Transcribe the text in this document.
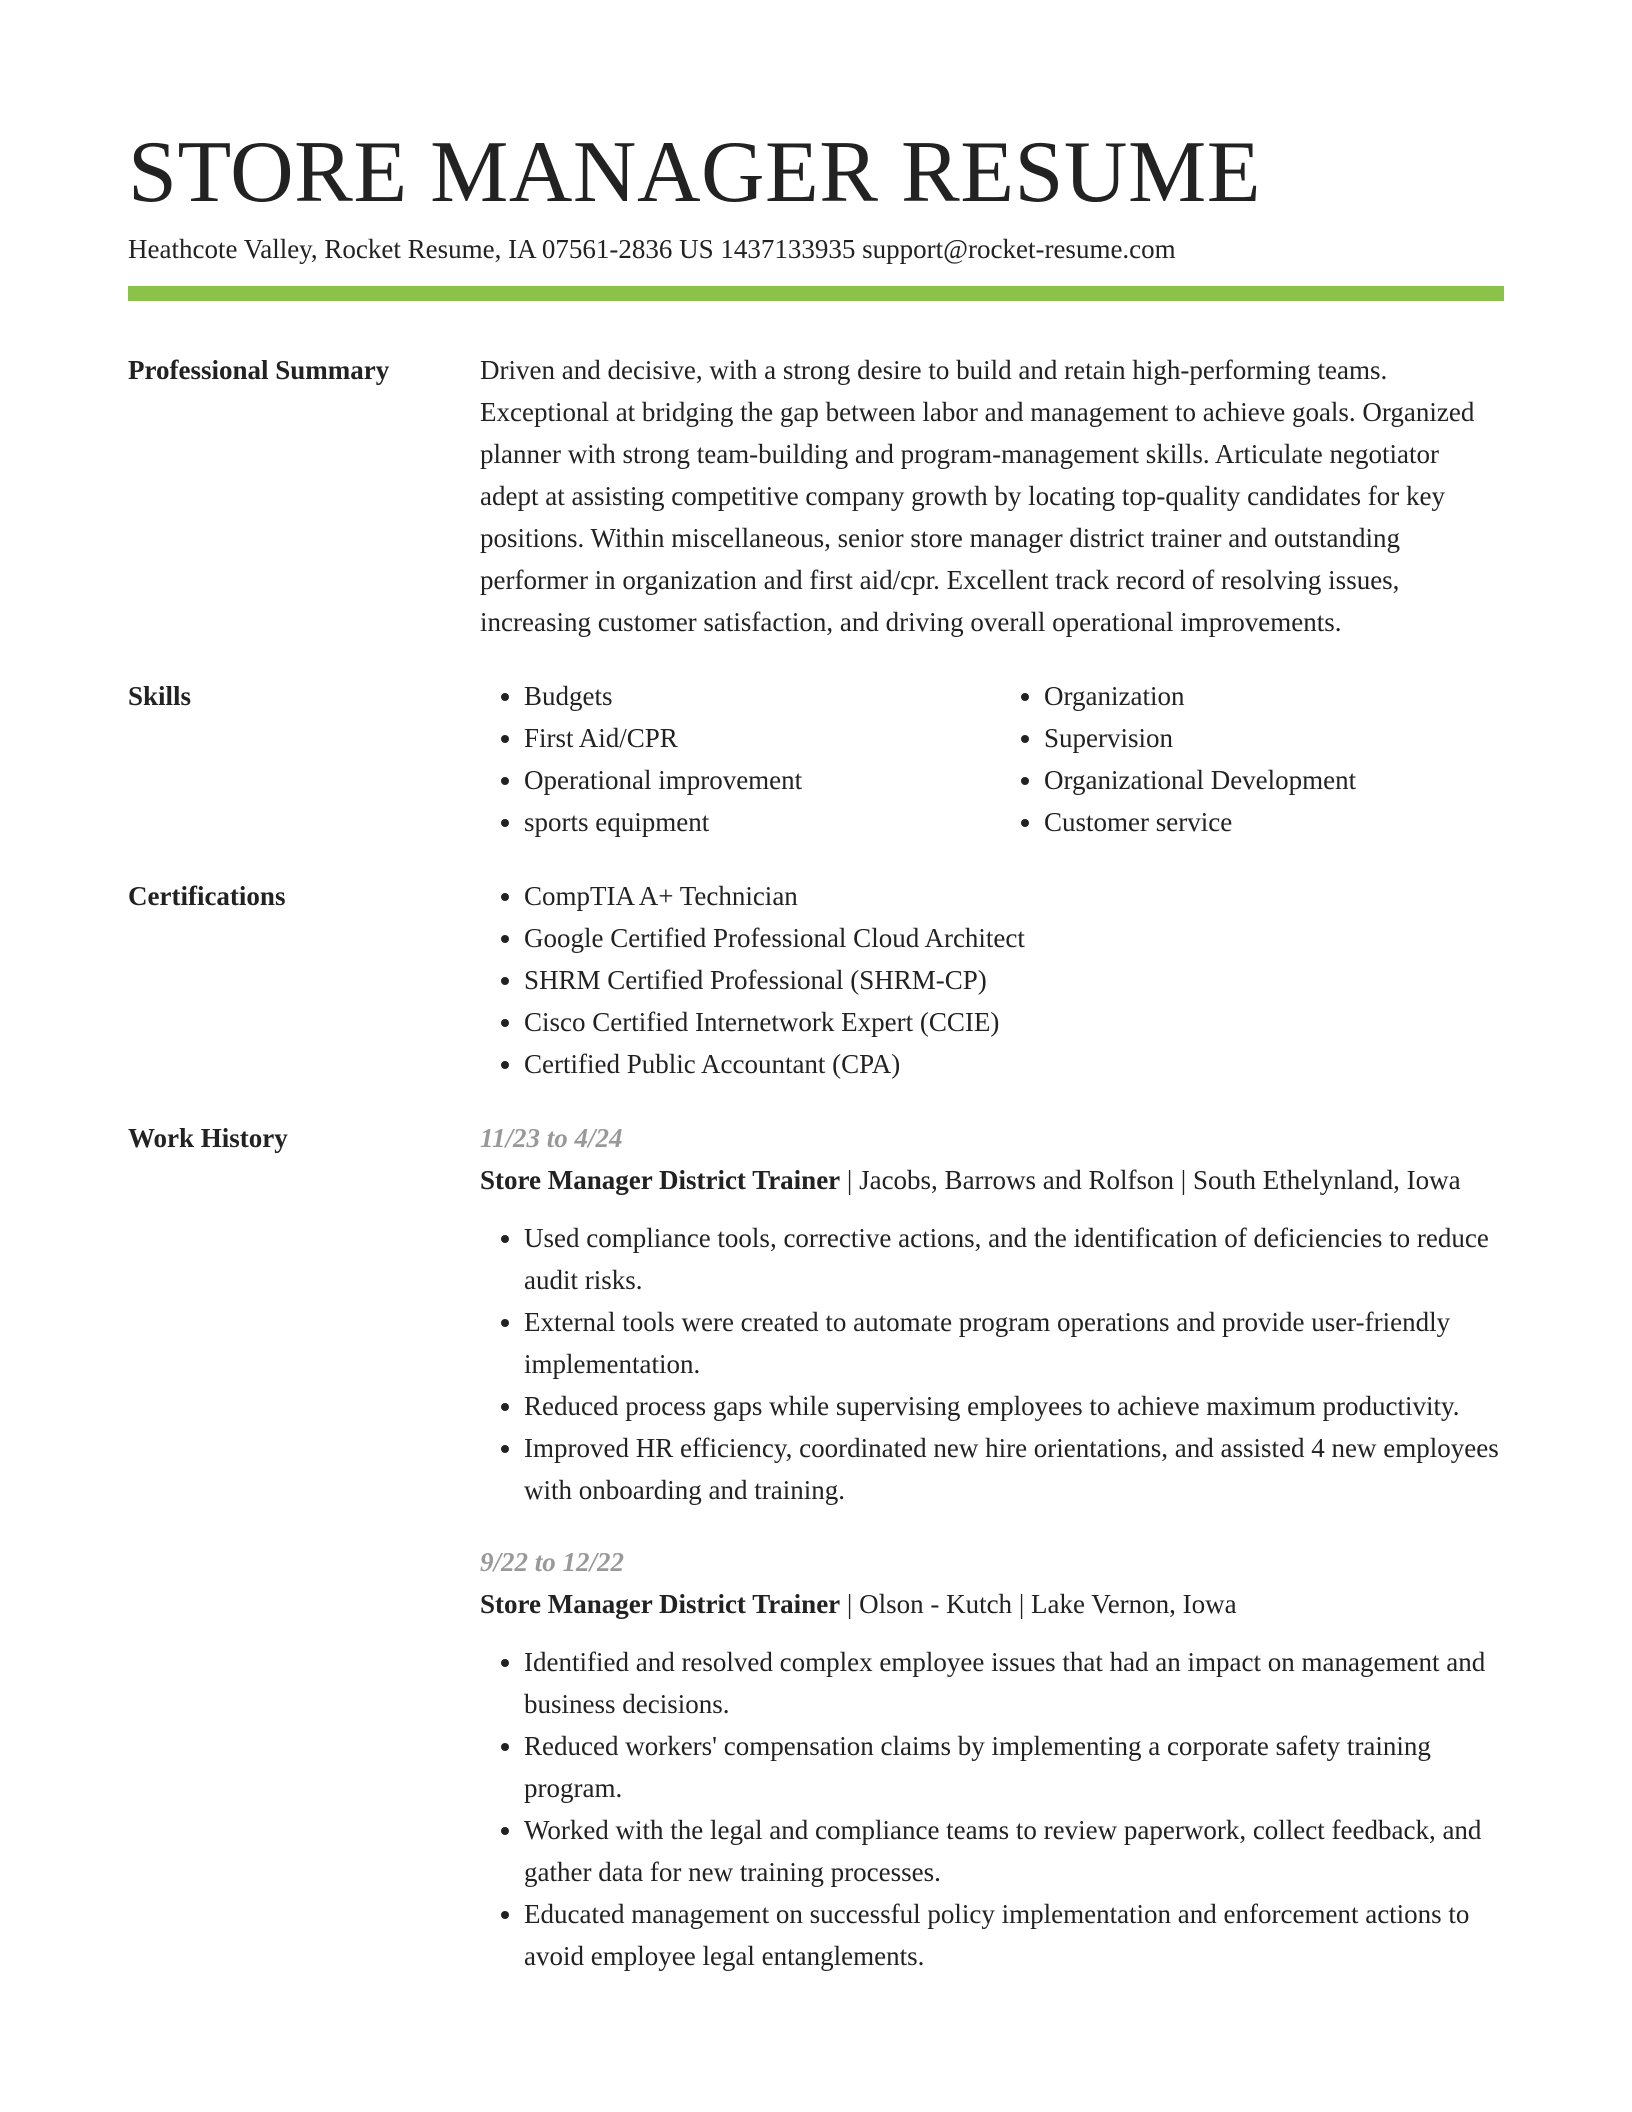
STORE MANAGER RESUME
Heathcote Valley, Rocket Resume, IA 07561-2836 US 1437133935 support@rocket-resume.com
Professional Summary	Driven and decisive, with a strong desire to build and retain high-performing teams. Exceptional at bridging the gap between labor and management to achieve goals. Organized planner with strong team-building and program-management skills. Articulate negotiator adept at assisting competitive company growth by locating top-quality candidates for key positions. Within miscellaneous, senior store manager district trainer and outstanding performer in organization and first aid/cpr. Excellent track record of resolving issues, increasing customer satisfaction, and driving overall operational improvements.

Skills	• Budgets
• First Aid/CPR
• Operational improvement
• sports equipment
• Organization
• Supervision
• Organizational Development
• Customer service
Certifications	• CompTIA A+ Technician
• Google Certified Professional Cloud Architect
• SHRM Certified Professional (SHRM-CP)
• Cisco Certified Internetwork Expert (CCIE)
• Certified Public Accountant (CPA)
Work History	11/23 to 4/24

Store Manager District Trainer | Jacobs, Barrows and Rolfson | South Ethelynland, Iowa

• Used compliance tools, corrective actions, and the identification of deficiencies to reduce audit risks.
• External tools were created to automate program operations and provide user-friendly implementation.
• Reduced process gaps while supervising employees to achieve maximum productivity.
• Improved HR efficiency, coordinated new hire orientations, and assisted 4 new employees with onboarding and training.

9/22 to 12/22

Store Manager District Trainer | Olson - Kutch | Lake Vernon, Iowa

• Identified and resolved complex employee issues that had an impact on management and business decisions.
• Reduced workers' compensation claims by implementing a corporate safety training program.
• Worked with the legal and compliance teams to review paperwork, collect feedback, and gather data for new training processes.
• Educated management on successful policy implementation and enforcement actions to avoid employee legal entanglements.
